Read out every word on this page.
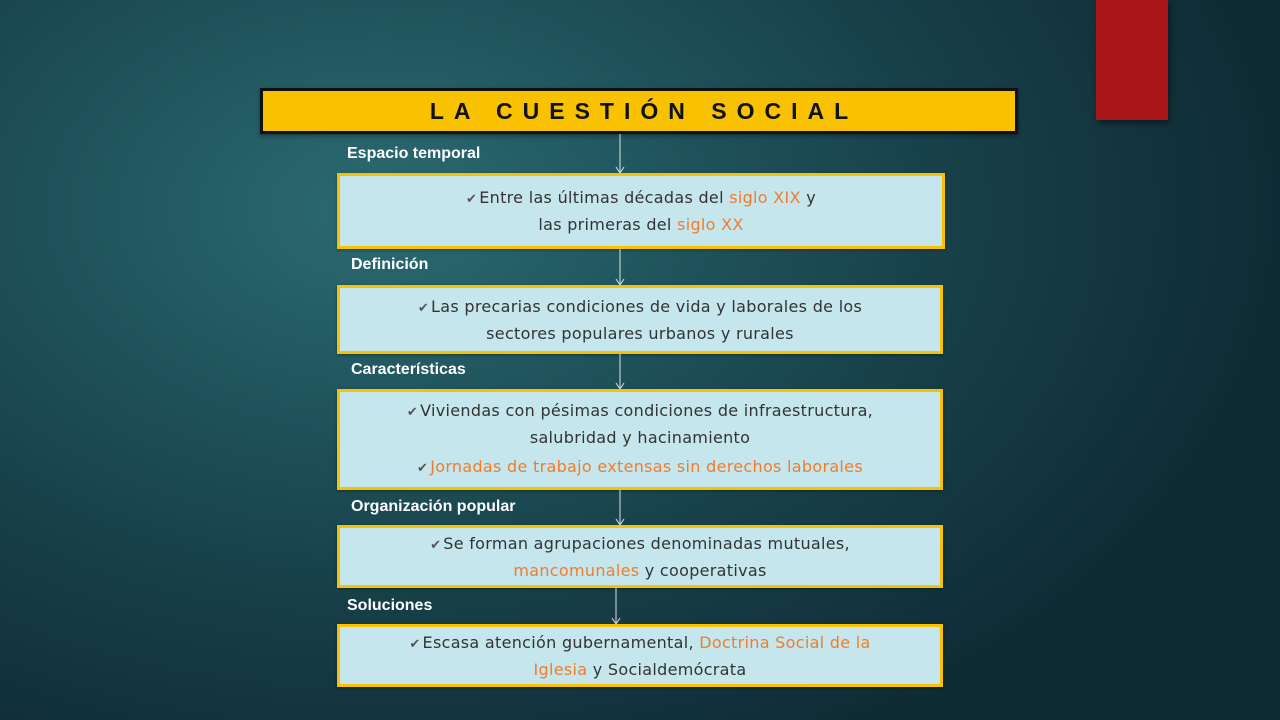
LA CUESTIÓN SOCIAL
Espacio temporal
✔ Entre las últimas décadas del siglo XIX y
las primeras del siglo XX
Definición
✔ Las precarias condiciones de vida y laborales de los
sectores populares urbanos y rurales
Características
✔ Viviendas con pésimas condiciones de infraestructura,
salubridad y hacinamiento
✔ Jornadas de trabajo extensas sin derechos laborales
Organización popular
✔ Se forman agrupaciones denominadas mutuales,
mancomunales y cooperativas
Soluciones
✔ Escasa atención gubernamental, Doctrina Social de la
Iglesia y Socialdemócrata
